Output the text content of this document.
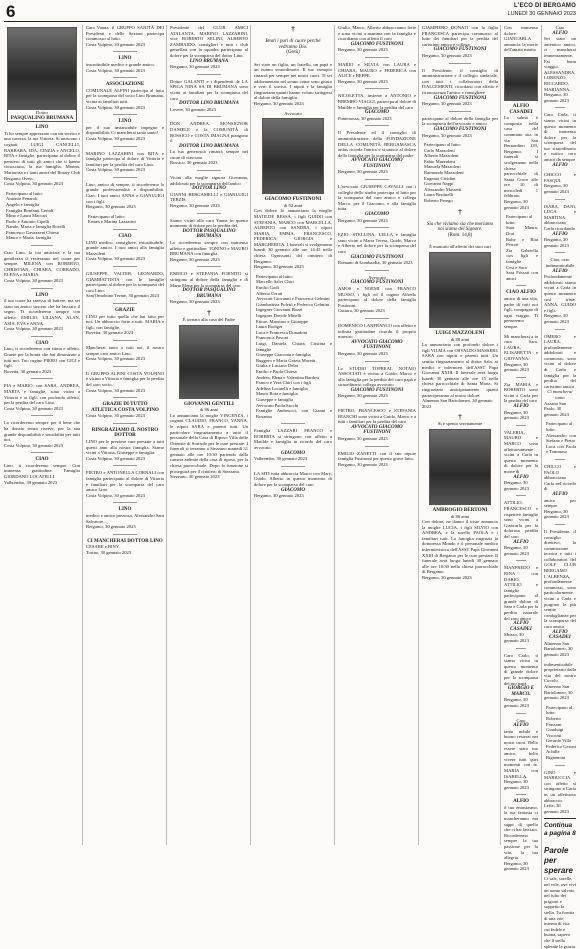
6	L'ECO DI BERGAMO
LUNEDÌ 30 GENNAIO 2023
Dottor
PASQUALINO BRUMANA
LINO
Ti ho sempre apprezzato con un sorriso e una carezza, la tua Vittoria. Si uniscono i cognati LUIGI CANCELLI, BARBARA, IDA, CINZIA e ANGELO, RITA e famiglie, partecipano al dolore il pensiero di tutti gli amici che ti hanno conosciuto, la tua famiglia, Marina, Mariarosa e i tanti amici del Rotary Club Bergamo Ovest.
Costa Volpino, 30 gennaio 2023
Partecipano al lutto:
Antonio Fenaroli
Angelo e famiglia
Famiglia Bonfanti Cerioli
Mino e Laura Maccari
Paolo e Antonio Cipelli
Nando, Maria e famiglia Roselli
Francesco Gavazzeni Chiesa
Mauro e Maria, famiglia
Ciao Lino, la tua amicizia e la tua gentilezza ci resteranno nel cuore per sempre. MILENA con ROBERTO, CHRISTIAN, CHIARA, CORRADO, ELENA e MARIA.
Costa Volpino, 30 gennaio 2023
LINO
il tuo cuore ha smesso di battere, ma sei stato un amico sincero che ha lasciato il segno. Ti ricorderemo sempre con affetto. EMILIO, LILIANA, ALAN, ASIA, EVA e ANNA.
Costa Volpino, 30 gennaio 2023
CIAO
Lino, ti ricorderemo con stima e affetto. Grazie per la bontà che hai dimostrato a tutti noi. Tuo cugino PIERO con GIGI e figli.
Rovetta, 30 gennaio 2023
PIA e MARIO, con SARA, ANDREA, MARTA e famiglie, sono vicini a Vittoria e ai figli, con profondo affetto, per la perdita del caro Lino.
Costa Volpino, 30 gennaio 2023
Lo ricorderemo sempre per il bene che ha donato senza riserve, per la sua grande disponibilità e sensibilità per tutti noi.
Costa Volpino, 30 gennaio 2023
CIAO
Lino, ti ricorderemo sempre. Con immensa gratitudine. Famiglia GIORDANO LOCATELLI.
Valbrembo, 30 gennaio 2023
Cara Vanna, il GRUPPO SANITÀ DEI Presidenti e delle Sezioni partecipa commosso al lutto.
Costa Volpino, 30 gennaio 2023
LINO
insostituibile medico e grande amico.
Costa Volpino, 30 gennaio 2023
ASSOCIAZIONE
COMUNALE ALPINI partecipa al lutto per la scomparsa del socio Lino Brumana, vicina ai familiari tutti.
Costa Volpino, 30 gennaio 2023
LINO
per il suo instancabile impegno e disponibilità. Ci mancherai tanto tanto!
Costa Volpino, 30 gennaio 2023
MARINO LAZZARINI con RITA e famiglia partecipa al dolore di Vittoria e familiari per la perdita del caro Lino.
Costa Volpino, 30 gennaio 2023
Lino, amico di sempre, ti ricorderemo la grande professionalità e disponibilità. Ciao. I tuoi amici ANNA e GIANLUIGI con i figli.
Bergamo, 30 gennaio 2023
Partecipano al lutto:
Ermes e Marina Lazzarini
CIAO
LINO medico, consigliere, insostituibile, grande amico. I tuoi amici alla famiglia Mazzoleni.
Costa Volpino, 30 gennaio 2023
GIUSEPPE, VALTER, LEONARDO, GIAMBATTISTA con le famiglie partecipano al dolore per la scomparsa del caro Lino.
Sant'Omobono Terme, 30 gennaio 2023
GRAZIE
LINO per tutto quello che hai fatto per noi. Un abbraccio forte a tutti. MARIA e figli, con famiglie.
Rovetta, 30 gennaio 2023
Mancherai tanto a tutti noi, il nostro sempre caro amico Lino.
Costa Volpino, 30 gennaio 2023
Il GRUPPO ALPINI COSTA VOLPINO è vicino a Vittoria e famiglia per la perdita del caro socio.
Costa Volpino, 30 gennaio 2023
GRAZIE DI TUTTO
ATLETICA COSTA VOLPINO
Costa Volpino, 30 gennaio 2023
RINGRAZIAMO IL NOSTRO DOTTOR
LINO per le preziose cure prestate a tutti questi anni alla nostra famiglia. Siamo vicini a Vittoria, Giuseppe e famiglia.
Costa Volpino, 30 gennaio 2023
PIETRO e ANTONELLA CORNALI con famiglia partecipano al dolore di Vittoria e familiari per la scomparsa del caro amico Lino.
Costa Volpino, 30 gennaio 2023
LINO
medico e amico prezioso. Alessandro Sant Salvatore.
Bergamo, 30 gennaio 2023
CI MANCHERAI DOTTOR LINO
CESARE e RINY.
Torino, 30 gennaio 2023
Presidente del CLUB AMICI ATALANTA, MARINO LAZZARINI, vice ROBERTO SELINI, ALBERTO ZAMBAIDO, consiglieri e tutti i club gemellati con la squadra partecipano al dolore per la scomparsa del dottor Lino.
LINO BRUMANA
Bergamo, 30 gennaio 2023
Dottor GALANTI e i dipendenti de LA SPIGA NINA SA DI BRUMANA sono vicini ai familiari per la scomparsa del caro
DOTTOR LINO BRUMANA
Lovere, 30 gennaio 2023
DON ANDREA, MONSIGNOR DANIELE e la COMUNITÀ di BOSSICO e COSTA IMAGNA piangono il
DOTTOR LINO BRUMANA
La tua generosità rimarrà sempre nel cuore di ciascuno.
Bossico, 30 gennaio 2023
Vicini alla moglie signora Giovanna, addolorati per la scomparsa dell'amico
DOTTOR LINO
GIANNI BERGAMELLI e GIANLUIGI TERZIS.
Bergamo, 30 gennaio 2023
Siamo vicini alla cara Vanna in questo momento di dolore per la perdita del
DOTTOR PASQUALINO BRUMANA
Lo ricorderemo sempre con immenso affetto e gratitudine. TONINO e MAURO BRUMANA con famiglia.
Bergamo, 30 gennaio 2023
ENRICO e STEFANIA FORNITO si stringono al dolore della famiglia e di Maria Elena per la scomparsa del caro
DOTTOR PASQUALINO BRUMANA
Bergamo, 30 gennaio 2023
†
È tornato alla casa del Padre
GIOVANNI GENTILI
di 86 anni
Lo annunciano la moglie VINCENZA, i cognati CLAUDIO, FRANCO, VANNA, le nipoti SARA e parenti tutti. Un particolare ringraziamento a tutto il personale della Casa di Riposo Villa delle Ortensie di Sorisole per le cure prestate. I funerali si terranno a Stezzano martedì 31 gennaio alle ore 10:30 partendo dalla camera ardente della casa di riposo, per la chiesa parrocchiale. Dopo la funzione si proseguirà per il cimitero di Stezzano.
Stezzano, 30 gennaio 2023
†
Beati i puri di cuore perché vedranno Dio.
(Gesù)
Sei stato un figlio, un fratello, un papà e un nonno straordinario. Il tuo esempio rimarrà per sempre nei nostri cuori. Ti sei addormentato nel sonno come sono giusto e vero il sorriso. I nipoti e la famiglia ringraziano quanti hanno voluto stringersi al dolore della famiglia.
Bergamo, 30 gennaio 2023
Avvocato
GIACOMO FUSTINONI
di 92 anni
Con dolore lo annunciano la moglie MATILDE BESSA, i figli GUIDO con STEFANIA, MARCO con MARCELLA, ALBERTO con SANDRA, i nipoti MARIA, EMMA, FRANCESCO, FEDERICA, GIORGIA e MARGHERITA. I funerali si svolgeranno lunedì 30 gennaio alle ore 14:45 nella chiesa Ognissanti del cimitero di Bergamo.
Bergamo, 30 gennaio 2023
Partecipano al lutto:
Marcello Salvi Chiri
Emilio Godi
Alberto Cerati
Avvocati Giovanni e Francesca Gelmini
Giambattista Poletti e Federico Gelmini
Ingegner Giovanni Bozzi
Ingegner Davide Minelli
Ettore, Massimo e Giuseppe
Laura Rodiger
Luca e Francesca Donadoni
Francesca Pavoni
Luigi, Daniela, Chiara, Cristina e famiglie
Giuseppe Giaconia e famiglia
Ruggero e Maria Grazia Moretti
Giulia e Luciano Delai
Emilio e Paola Chiesa
Andrea, Elena e Valentina Bardesi
Franco e Vera Chiri con i figli
Adelina Locatelli e famiglia
Mauro Rota e famiglia
Giuseppe e famiglia
Avvocato Paola Sacchi
Famiglie Andreucci, con Gianni e Rosanna
Famiglia LAZZARI FRANCO e ROBERTA si stringono con affetto a Matilde e famiglia in ricordo del caro avvocato.
GIACOMO
Valbrembo, 30 gennaio 2023
LA SITI tutta abbraccia Marco con Mary, Guido, Alberto in questo momento di dolore per la scomparsa del caro
GIACOMO
Bergamo, 30 gennaio 2023
Giulio, Marco, Alberto abbracciamo forte e sono vicini a mamma con la famiglia e ricordiamo con affetto il caro
GIACOMO FUSTINONI
Bergamo, 30 gennaio 2023
MARIO e SILVIA con LAURA e CHIARA, MAURO e FEDERICA con ALICE e BEPPE.
Bergamo, 30 gennaio 2023
NICOLETTA, insieme a ANTONIO e BREMBO VIAGGI, partecipa al dolore di Matilde e famiglia per la perdita del caro
GIACOMO
Pontenossa, 30 gennaio 2023
Il Presidente ed il consiglio di amministrazione della FONDAZIONE DELLA COMUNITÀ BERGAMASCA onlus ricorda l'amico e si unisce al dolore della famiglia per la scomparsa del padre
AVVOCATO GIACOMO FUSTINONI
Bergamo, 30 gennaio 2023
L'avvocato GIUSEPPE CAVALLI con i colleghi dello studio partecipa al lutto per la scomparsa del caro amico e collega Marco, per il Giacomo, e alla famiglia tutta.
GIACOMO
Bergamo, 30 gennaio 2023
EZIO, STELLINA, LELLA e famiglia sono vicini a Maria Teresa, Guido, Marco e Alberto nel dolore per la scomparsa del caro
GIACOMO FUSTINONI
Romano di Lombardia, 30 gennaio 2023
Avvocato
GIACOMO FUSTINONI
AMOS e NOEMI con FRANCO MUSSO, i figli ed il cugino Alfredo partecipano al dolore della famiglia Fustinoni.
Cuttura, 30 gennaio 2023
DOMENICO LANFRANCO con affetto e infinita gratitudine ricorda il proprio maestro
AVVOCATO GIACOMO FUSTINONI
Bergamo, 30 gennaio 2023
Lo STUDIO TOPREAL NOTAIO ASSOCIATI è vicino a Guido, Marco e alla famiglia per la perdita del caro papà e straordinario collega avvocato
GIACOMO FUSTINONI
Bergamo, 30 gennaio 2023
PIETRO, FRANCESCO e STEFANIA BIANCHI sono vicini a Guido, Marco e a tutti i familiari per la perdita del caro
AVVOCATO GIACOMO FUSTINONI
Bergamo, 30 gennaio 2023
EMILIO ZANETTI con il suo nipote famiglia Fustinoni per questo grave lutto.
Bergamo, 30 gennaio 2023
GIAMPIERO DONATI con la figlia FRANCESCA partecipa commosso al lutto dei familiari per la perdita del carissimo amico e collega
GIACOMO FUSTINONI
Bergamo, 30 gennaio 2023
Il Presidente, il consiglio di amministrazione e il collegio sindacale, con tutti i collaboratori della ITALCEMENTI, ricordano con affetto e riconoscenza l'amico e consigliere
GIACOMO FUSTINONI
Bergamo, 30 gennaio 2023
partecipano al dolore della famiglia per la scomparsa dell'avvocato e amico
GIACOMO FUSTINONI
Bergamo, 30 gennaio 2023
Partecipano al lutto:
Carlo Mazzoleni
Alberto Mazzoleni
Fabio Mazzoleni
Manuela Mazzoleni
Raimondo Mazzoleni
Eugenio Cividini
Giovanni Nappi
Alessandro Massetti
Laura Bertinelli
Roberto Perego
†
Sia che viviamo sia che moriamo noi siamo del Signore.
(Rom. 14,8)
È mancato all'affetto dei suoi cari
LUIGI MAZZOLENI
di 88 anni
Lo annunciano con profondo dolore i figli VILMA con OSVALDO MASSERI, SARA con nipoti e parenti tutti. Un sentito ringraziamento al dottor Sala, ai medici e infermieri dell'ASST Papa Giovanni XXIII. Il funerale avrà luogo lunedì 30 gennaio alle ore 15 nella chiesa parrocchiale di Santa Maria. Si ringraziano anticipatamente quanti parteciperanno al nostro dolore.
Almenno San Bartolomeo, 30 gennaio 2023
†
Si è spento serenamente
AMBROGIO BERTONI
di 86 anni
Con dolore, ne danno il triste annuncio la moglie LUCIA, i figli SILVIO con ANDREA, e la sorella PAOLA e i familiari tutti. La famiglia ringrazia la dottoressa Mondo e il personale medico infermieristico dell'ASST Papa Giovanni XXIII di Bergamo per le cure prestate. Il funerale avrà luogo lunedì 30 gennaio alle ore 10:30 nella chiesa parrocchiale di Bergamo.
Bergamo, 30 gennaio 2023
Con immenso dolore GIANCARLA annuncia la morte dell'amato marito
ALFIO CASADEI
La salma è composta nella casa del commiato sita in via San Bernardino 139, Bergamo. I funerali si svolgeranno nella chiesa parrocchiale di Santa Croce alle ore 10 di mercoledì 1 febbraio.
Bergamo, 30 gennaio 2023
Partecipano al lutto:
Suor Maura, Dori
Ruby e Rita Ferrari
Zia Gabriella con figli e famiglie
Cesi e Sara
Sara Fossati con amici
CIAO ALFIO
amico di una vita, padre di tutti noi figli, compagno di ogni viaggio. Ti penseremo sempre.
Mi mancherai a te cara Sara. LAURA, ELISABETTA e GIOVANNA.
Bergamo, 30 gennaio 2023
Zia MARIA e ROBERTO sono vicini a Carla per la perdita del caro
ALFIO
Bergamo, 30 gennaio 2023
VALERIA, MAURO e MARCO sono affettuosamente vicini a Carla in questo momento di dolore per la morte di
ALFIO
Bergamo, 30 gennaio 2023
ATTILIO, FRANCESCO e rispettive famiglie sono vicini a Giancarla per la dolorosa perdita del caro
ALFIO
Bergamo, 30 gennaio 2023
MANFREDO e RINA con DARIO, ATTILIO e famiglie partecipano al grande dolore di Sara e Carla per la perdita naturale del caro amico
ALFIO CASADEI
Mozzo, 30 gennaio 2023
Caro Carlo, ti siamo vicini in questo momento di grande dolore per la scomparsa del tuo papà
GIORGIO E MARCO.
Bergamo, 30 gennaio 2023
Caro
ALFIO
tanto nobile e buono resterai nei nostri cuori. Bello essere stato tuo amico, bello vivere tutti quei momenti con te. MARIA con ISABELLA.
Bergamo, 30 gennaio 2023
ALFIO
il tuo entusiasmo, la tua fantasia ci mancheranno ma sappi di quello che ci hai lasciato. Ricorderemo sempre la tua passione per la vita, la tua allegria.
Bergamo, 30 gennaio 2023
Ciao
ALFIO
Sei stato un autentico amico, ci mancherai immensamente. Fai buon viaggio. ALESSANDRA, LORENZO, RICCARDO, MARIANNA.
Bergamo, 30 gennaio 2023
Caro Carla, ti siamo vicini in questo momento di immenso dolore per la scomparsa del tuo straordinario e mitico caro amico da sempre
ALFIO
CHICCO e FASQUI.
Bergamo, 30 gennaio 2023
ISABA, DANI, LUCA e MARTINA abbracciano Carla ricordando
ALFIO
Bergamo, 30 gennaio 2023
Ciao, caro indimenticabile
ALFIO
Profondamente addolorati siamo vicini a Carla in questo momento così triste. ANNA, GUIDO e figli.
Bergamo, 30 gennaio 2023
OMERO e LAURA, profondamente addolorati e commossi, sono vicini al dolore di Carla e famiglia per la perdita del carissimo amico
Ci mancherai tanto
Azzano San Paolo, 30 gennaio 2023
Partecipano al lutto:
Alessandro con Stefano e Pietro
Luca con Paola e Tommaso
CHICCO e PAOLO abbracciano Carla nel ricordo di
ALFIO
amico per sempre.
Bergamo, 30 gennaio 2023
Il Presidente, il consiglio direttivo, la commissione tecnica e tutti i collaboratori del GOLF CLUB BERGAMO L'ALBENZA, profondamente commossi, sono particolarmente vicini a Carla e porgono le più sentite condoglianze per la scomparsa del caro amico
ALFIO CASADEI
Almenno San Bartolomeo, 30 gennaio 2023
indimenticabile proprietario dalla vita del nostro Circolo.
Almenno San Bartolomeo, 30 gennaio 2023
Partecipano al lutto:
Roberto Frassoni
Gianluigi Visconti
Gerardo Villa
Federico Geroni
Achille Bignamini
GINO e MARIUCCIA con affetto si stringono a Carla in un affettuoso abbraccio.
Lefte, 30 gennaio 2023
Continua a pagina 8
Parole per sperare
Ci sale, sorelle, nel vole, ove vivi un uomo salvato nel fulto dei prigioni e soppetto la stella. Tu fornita di una vite interna di vita cui fedele e buona, sapevo che lì stella splende la grazia.
